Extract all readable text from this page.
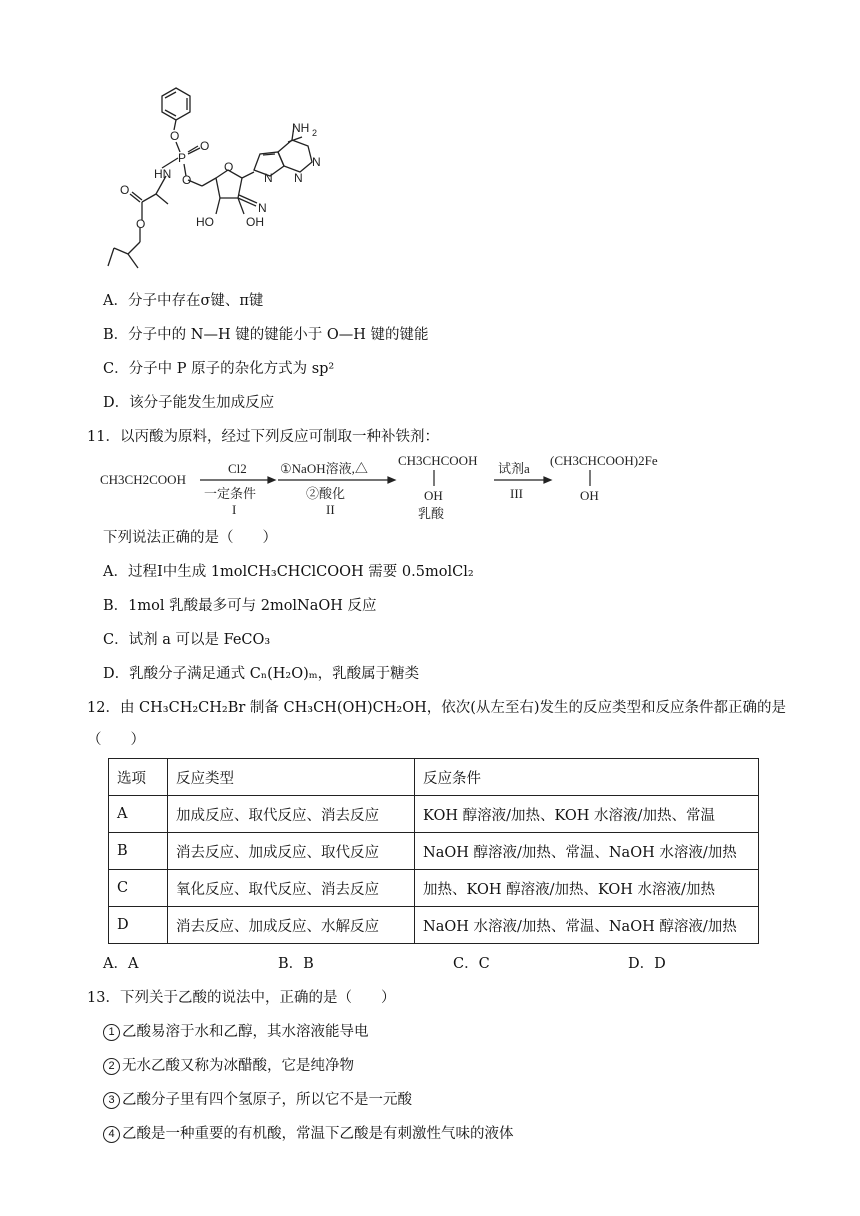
O
P
O
O
HN
O
O
O
NH 2
N
N
N
N
HO	OH
A．分子中存在σ键、π键
B．分子中的 N—H 键的键能小于 O—H 键的键能
C．分子中 P 原子的杂化方式为 sp²
D．该分子能发生加成反应
11．以丙酸为原料，经过下列反应可制取一种补铁剂：
CH3CH2COOH
Cl2
一定条件
I
①NaOH溶液,△
②酸化
II
CH3CHCOOH
OH
乳酸
试剂a
III
(CH3CHCOOH)2Fe
OH
下列说法正确的是（　　）
A．过程I中生成 1molCH₃CHClCOOH 需要 0.5molCl₂
B．1mol 乳酸最多可与 2molNaOH 反应
C．试剂 a 可以是 FeCO₃
D．乳酸分子满足通式 Cₙ(H₂O)ₘ，乳酸属于糖类
12．由 CH₃CH₂CH₂Br 制备 CH₃CH(OH)CH₂OH，依次(从左至右)发生的反应类型和反应条件都正确的是
（　　）
选项	反应类型	反应条件
A	加成反应、取代反应、消去反应	KOH 醇溶液/加热、KOH 水溶液/加热、常温
B	消去反应、加成反应、取代反应	NaOH 醇溶液/加热、常温、NaOH 水溶液/加热
C	氧化反应、取代反应、消去反应	加热、KOH 醇溶液/加热、KOH 水溶液/加热
D	消去反应、加成反应、水解反应	NaOH 水溶液/加热、常温、NaOH 醇溶液/加热
A．A	B．B	C．C	D．D
13．下列关于乙酸的说法中，正确的是（　　）
1 乙酸易溶于水和乙醇，其水溶液能导电
2 无水乙酸又称为冰醋酸，它是纯净物
3 乙酸分子里有四个氢原子，所以它不是一元酸
4 乙酸是一种重要的有机酸，常温下乙酸是有刺激性气味的液体
